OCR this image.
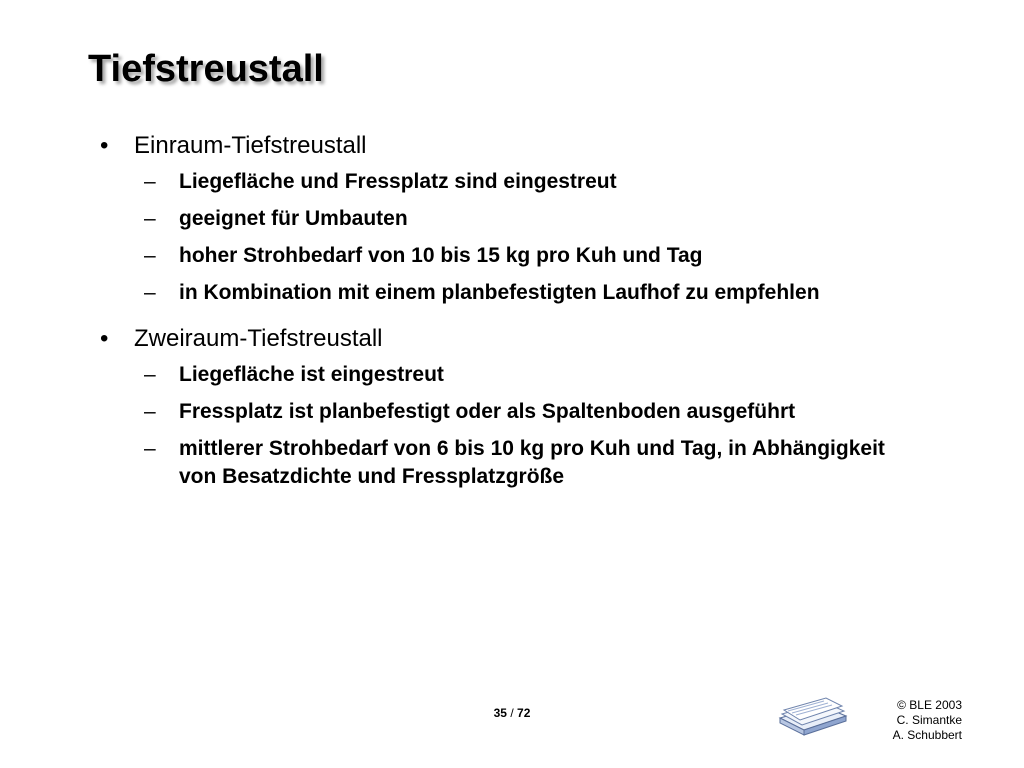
Tiefstreustall
• Einraum-Tiefstreustall
– Liegefläche und Fressplatz sind eingestreut
– geeignet für Umbauten
– hoher Strohbedarf von 10 bis 15 kg pro Kuh und Tag
– in Kombination mit einem planbefestigten Laufhof zu empfehlen
• Zweiraum-Tiefstreustall
– Liegefläche ist eingestreut
– Fressplatz ist planbefestigt oder als Spaltenboden ausgeführt
– mittlerer Strohbedarf von 6 bis 10 kg pro Kuh und Tag, in Abhängigkeit von Besatzdichte und Fressplatzgröße
35 / 72
© BLE 2003
C. Simantke
A. Schubbert
